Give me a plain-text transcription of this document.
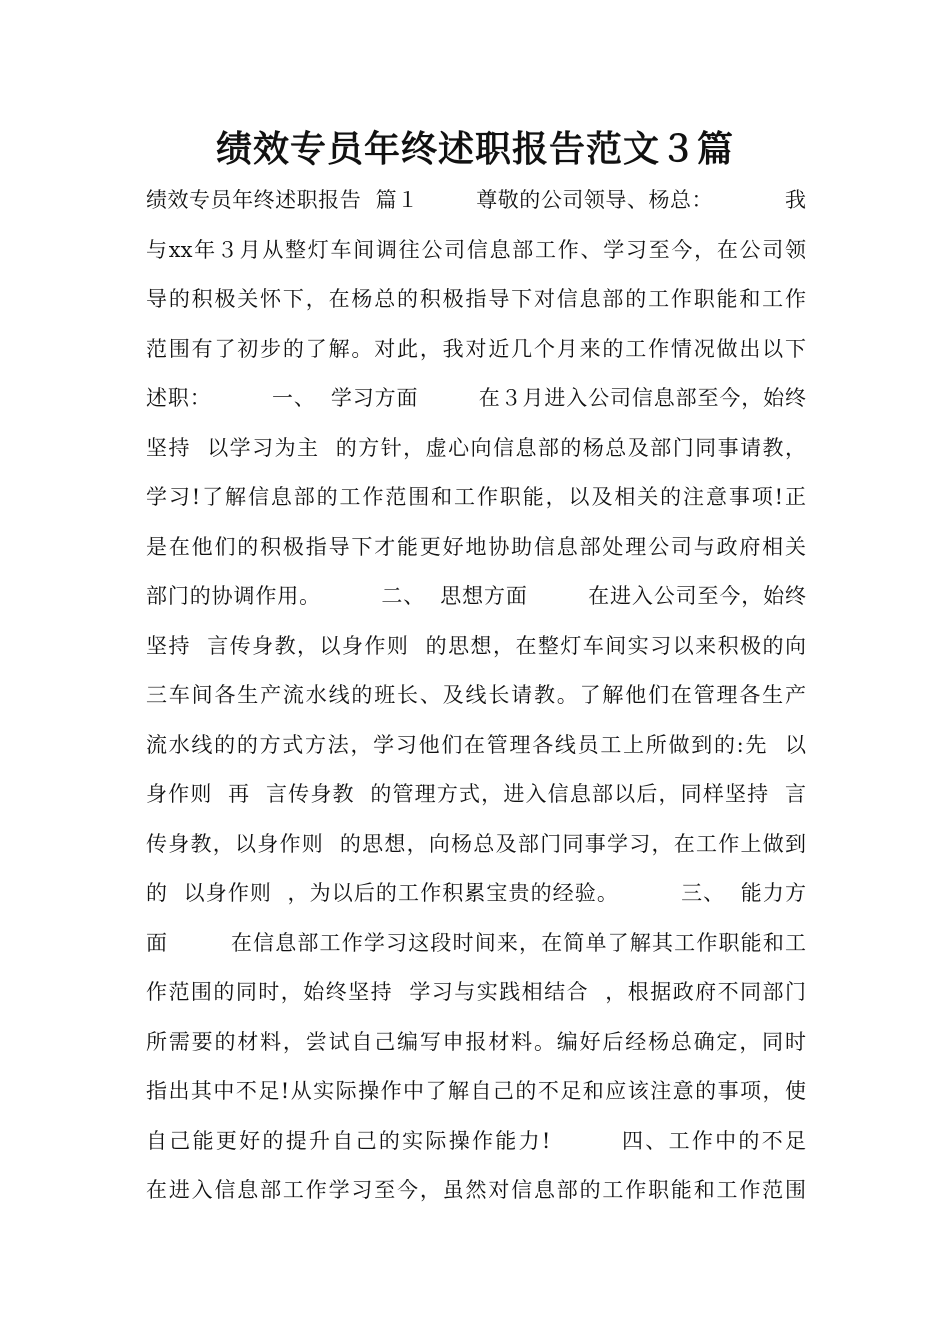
绩效专员年终述职报告范文３篇
绩效专员年终述职报告  篇１        尊敬的公司领导、杨总：          我
与xx年３月从整灯车间调往公司信息部工作、学习至今，在公司领
导的积极关怀下，在杨总的积极指导下对信息部的工作职能和工作
范围有了初步的了解。对此，我对近几个月来的工作情况做出以下
述职：        一、  学习方面        在３月进入公司信息部至今，始终
坚持  以学习为主  的方针，虚心向信息部的杨总及部门同事请教，
学习!了解信息部的工作范围和工作职能，以及相关的注意事项!正
是在他们的积极指导下才能更好地协助信息部处理公司与政府相关
部门的协调作用。        二、  思想方面        在进入公司至今，始终
坚持  言传身教，以身作则  的思想，在整灯车间实习以来积极的向
三车间各生产流水线的班长、及线长请教。了解他们在管理各生产
流水线的的方式方法，学习他们在管理各线员工上所做到的:先  以
身作则  再  言传身教  的管理方式，进入信息部以后，同样坚持  言
传身教，以身作则  的思想，向杨总及部门同事学习，在工作上做到
的  以身作则  ，为以后的工作积累宝贵的经验。        三、  能力方
面        在信息部工作学习这段时间来，在简单了解其工作职能和工
作范围的同时，始终坚持  学习与实践相结合  ，根据政府不同部门
所需要的材料，尝试自己编写申报材料。编好后经杨总确定，同时
指出其中不足!从实际操作中了解自己的不足和应该注意的事项，使
自己能更好的提升自己的实际操作能力!        四、工作中的不足
在进入信息部工作学习至今，虽然对信息部的工作职能和工作范围
